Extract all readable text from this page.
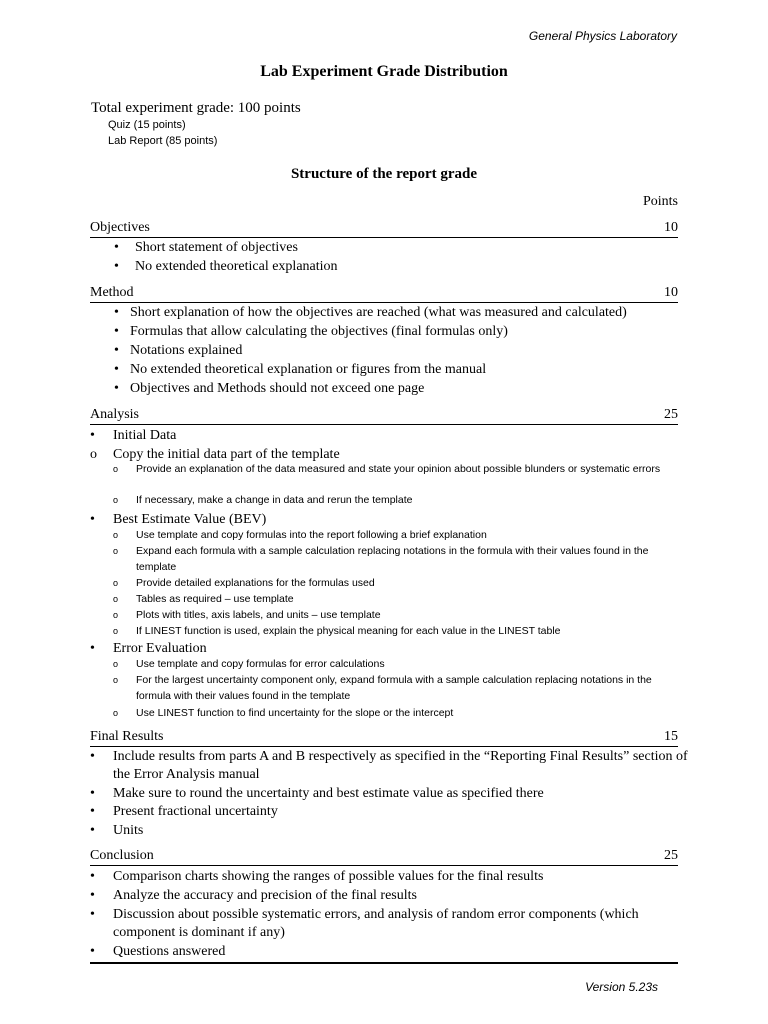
General Physics Laboratory
Lab Experiment Grade Distribution
Total experiment grade: 100 points
Quiz (15 points)
Lab Report (85 points)
Structure of the report grade
Points
Objectives	10
• Short statement of objectives
• No extended theoretical explanation
Method	10
• Short explanation of how the objectives are reached (what was measured and calculated)
• Formulas that allow calculating the objectives (final formulas only)
• Notations explained
• No extended theoretical explanation or figures from the manual
• Objectives and Methods should not exceed one page
Analysis	25
• Initial Data
o Copy the initial data part of the template
o Provide an explanation of the data measured and state your opinion about possible blunders or systematic errors
o If necessary, make a change in data and rerun the template
• Best Estimate Value (BEV)
o Use template and copy formulas into the report following a brief explanation
o Expand each formula with a sample calculation replacing notations in the formula with their values found in the template
o Provide detailed explanations for the formulas used
o Tables as required – use template
o Plots with titles, axis labels, and units – use template
o If LINEST function is used, explain the physical meaning for each value in the LINEST table
• Error Evaluation
o Use template and copy formulas for error calculations
o For the largest uncertainty component only, expand formula with a sample calculation replacing notations in the formula with their values found in the template
o Use LINEST function to find uncertainty for the slope or the intercept
Final Results	15
• Include results from parts A and B respectively as specified in the “Reporting Final Results” section of the Error Analysis manual
• Make sure to round the uncertainty and best estimate value as specified there
• Present fractional uncertainty
• Units
Conclusion	25
• Comparison charts showing the ranges of possible values for the final results
• Analyze the accuracy and precision of the final results
• Discussion about possible systematic errors, and analysis of random error components (which component is dominant if any)
• Questions answered
Version 5.23s
